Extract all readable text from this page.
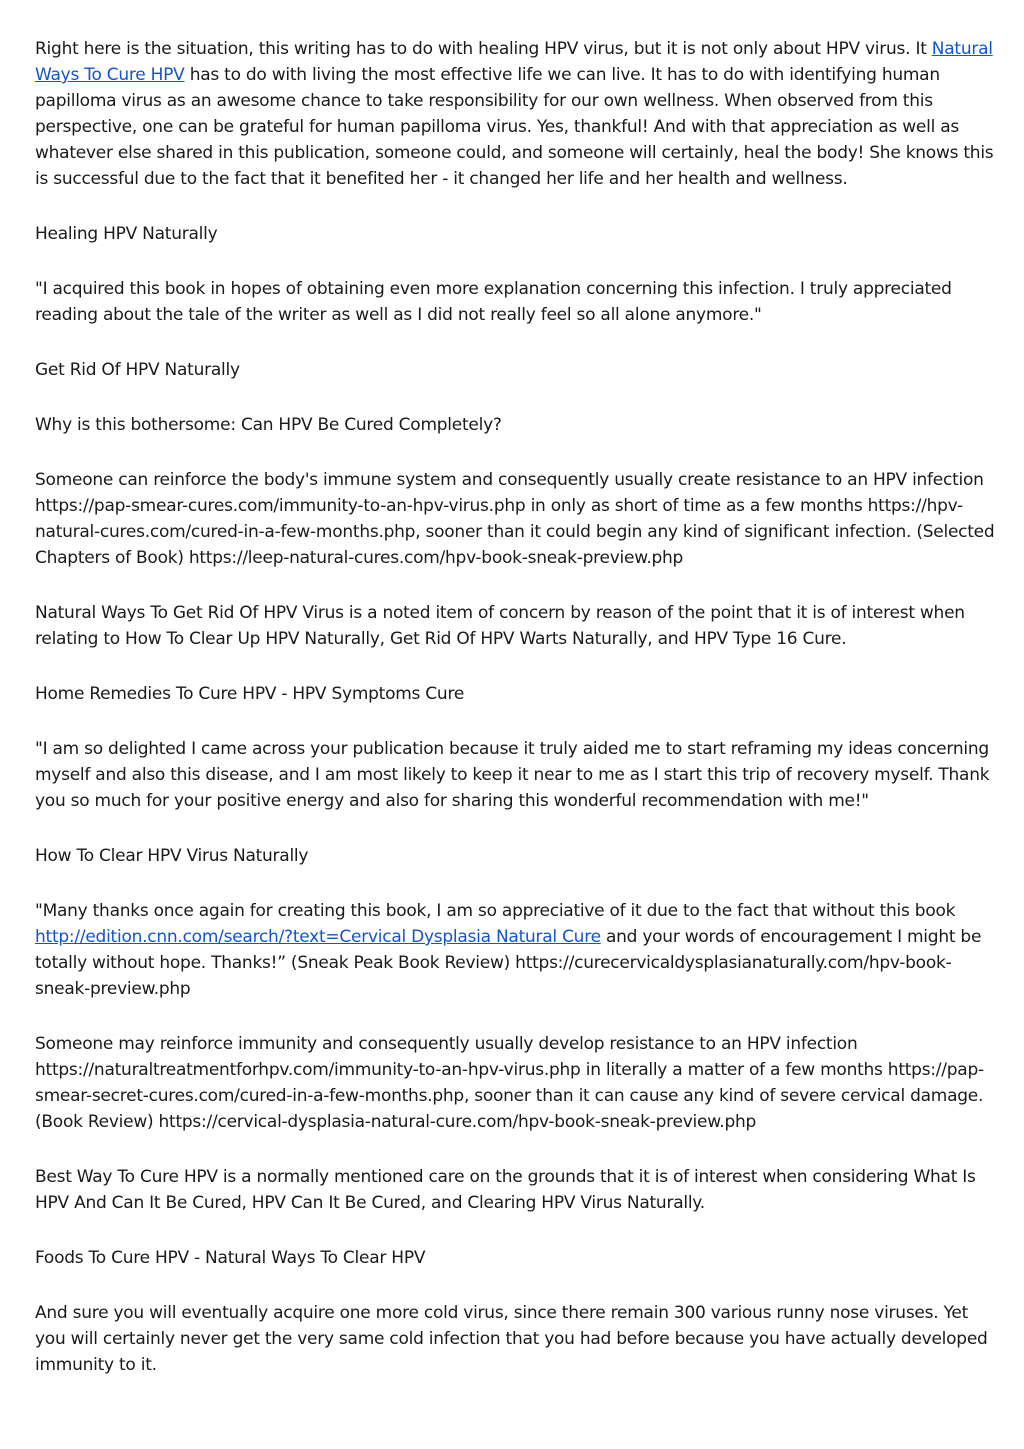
Right here is the situation, this writing has to do with healing HPV virus, but it is not only about HPV virus. It Natural Ways To Cure HPV has to do with living the most effective life we can live. It has to do with identifying human papilloma virus as an awesome chance to take responsibility for our own wellness. When observed from this perspective, one can be grateful for human papilloma virus. Yes, thankful! And with that appreciation as well as whatever else shared in this publication, someone could, and someone will certainly, heal the body! She knows this is successful due to the fact that it benefited her - it changed her life and her health and wellness.

Healing HPV Naturally

"I acquired this book in hopes of obtaining even more explanation concerning this infection. I truly appreciated reading about the tale of the writer as well as I did not really feel so all alone anymore."

Get Rid Of HPV Naturally

Why is this bothersome: Can HPV Be Cured Completely?

Someone can reinforce the body's immune system and consequently usually create resistance to an HPV infection https://pap-smear-cures.com/immunity-to-an-hpv-virus.php in only as short of time as a few months https://hpv-natural-cures.com/cured-in-a-few-months.php, sooner than it could begin any kind of significant infection. (Selected Chapters of Book) https://leep-natural-cures.com/hpv-book-sneak-preview.php

Natural Ways To Get Rid Of HPV Virus is a noted item of concern by reason of the point that it is of interest when relating to How To Clear Up HPV Naturally, Get Rid Of HPV Warts Naturally, and HPV Type 16 Cure.

Home Remedies To Cure HPV - HPV Symptoms Cure

"I am so delighted I came across your publication because it truly aided me to start reframing my ideas concerning myself and also this disease, and I am most likely to keep it near to me as I start this trip of recovery myself. Thank you so much for your positive energy and also for sharing this wonderful recommendation with me!"

How To Clear HPV Virus Naturally

"Many thanks once again for creating this book, I am so appreciative of it due to the fact that without this book http://edition.cnn.com/search/?text=Cervical Dysplasia Natural Cure and your words of encouragement I might be totally without hope. Thanks!” (Sneak Peak Book Review) https://curecervicaldysplasianaturally.com/hpv-book-sneak-preview.php

Someone may reinforce immunity and consequently usually develop resistance to an HPV infection https://naturaltreatmentforhpv.com/immunity-to-an-hpv-virus.php in literally a matter of a few months https://pap-smear-secret-cures.com/cured-in-a-few-months.php, sooner than it can cause any kind of severe cervical damage. (Book Review) https://cervical-dysplasia-natural-cure.com/hpv-book-sneak-preview.php

Best Way To Cure HPV is a normally mentioned care on the grounds that it is of interest when considering What Is HPV And Can It Be Cured, HPV Can It Be Cured, and Clearing HPV Virus Naturally.

Foods To Cure HPV - Natural Ways To Clear HPV

And sure you will eventually acquire one more cold virus, since there remain 300 various runny nose viruses. Yet you will certainly never get the very same cold infection that you had before because you have actually developed immunity to it.
